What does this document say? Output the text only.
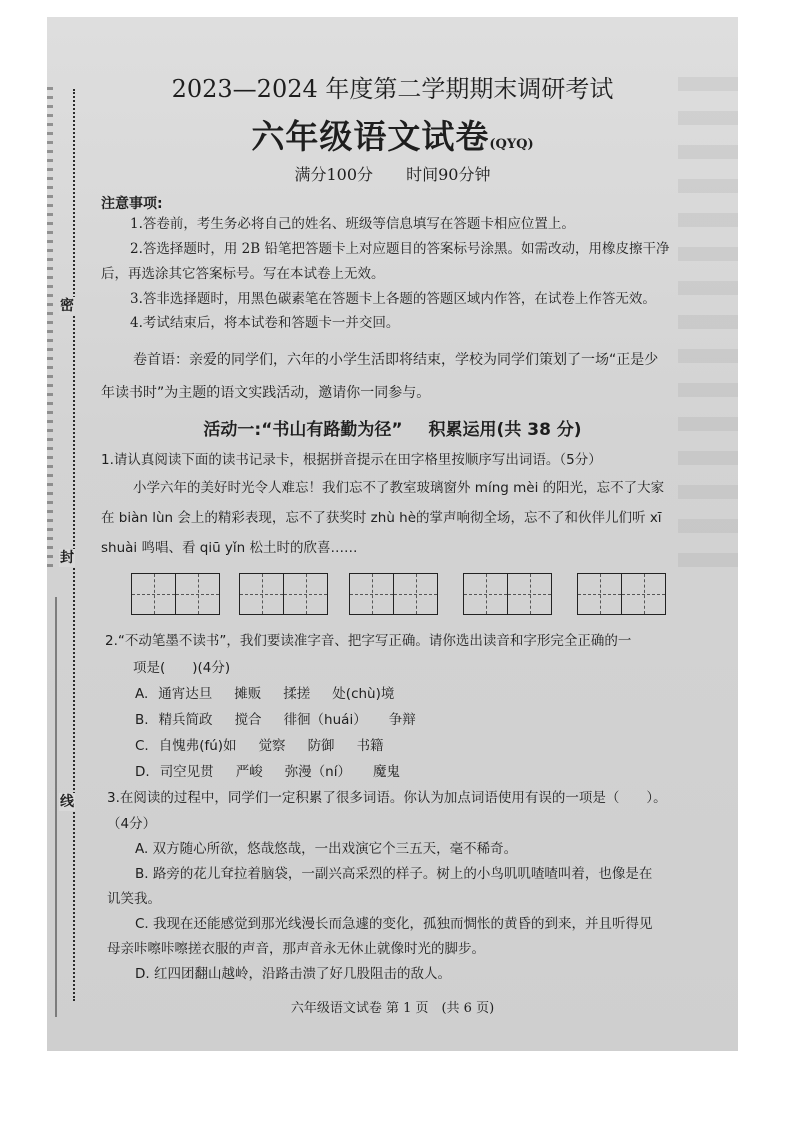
密
封
线
2023—2024 年度第二学期期末调研考试
六年级语文试卷(QYQ)
满分100分 时间90分钟
注意事项:
1.答卷前，考生务必将自己的姓名、班级等信息填写在答题卡相应位置上。
2.答选择题时，用 2B 铅笔把答题卡上对应题目的答案标号涂黑。如需改动，用橡皮擦干净
后，再选涂其它答案标号。写在本试卷上无效。
3.答非选择题时，用黑色碳素笔在答题卡上各题的答题区域内作答，在试卷上作答无效。
4.考试结束后，将本试卷和答题卡一并交回。
卷首语：亲爱的同学们，六年的小学生活即将结束，学校为同学们策划了一场“正是少
年读书时”为主题的语文实践活动，邀请你一同参与。
活动一:“书山有路勤为径” 积累运用(共 38 分)
1.请认真阅读下面的读书记录卡，根据拼音提示在田字格里按顺序写出词语。（5分）
小学六年的美好时光令人难忘！我们忘不了教室玻璃窗外 míng mèi 的阳光，忘不了大家
在 biàn lùn 会上的精彩表现，忘不了获奖时 zhù hè的掌声响彻全场，忘不了和伙伴儿们听 xī
shuài 鸣唱、看 qiū yǐn 松土时的欣喜……
2.“不动笔墨不读书”，我们要读准字音、把字写正确。请你选出读音和字形完全正确的一
项是(　　)(4分)
A. 通宵达旦 摊贩 揉搓 处(chù)境
B. 精兵简政 搅合 徘徊（huái） 争辩
C. 自愧弗(fú)如 觉察 防御 书籍
D. 司空见贯 严峻 弥漫（ní） 魔鬼
3.在阅读的过程中，同学们一定积累了很多词语。你认为加点词语使用有误的一项是（　　）。
（4分）
A. 双方随心所欲，悠哉悠哉，一出戏演它个三五天，毫不稀奇。
B. 路旁的花儿耷拉着脑袋，一副兴高采烈的样子。树上的小鸟叽叽喳喳叫着，也像是在
讥笑我。
C. 我现在还能感觉到那光线漫长而急遽的变化，孤独而惆怅的黄昏的到来，并且听得见
母亲咔嚓咔嚓搓衣服的声音，那声音永无休止就像时光的脚步。
D. 红四团翻山越岭，沿路击溃了好几股阻击的敌人。
六年级语文试卷 第 1 页　(共 6 页)
